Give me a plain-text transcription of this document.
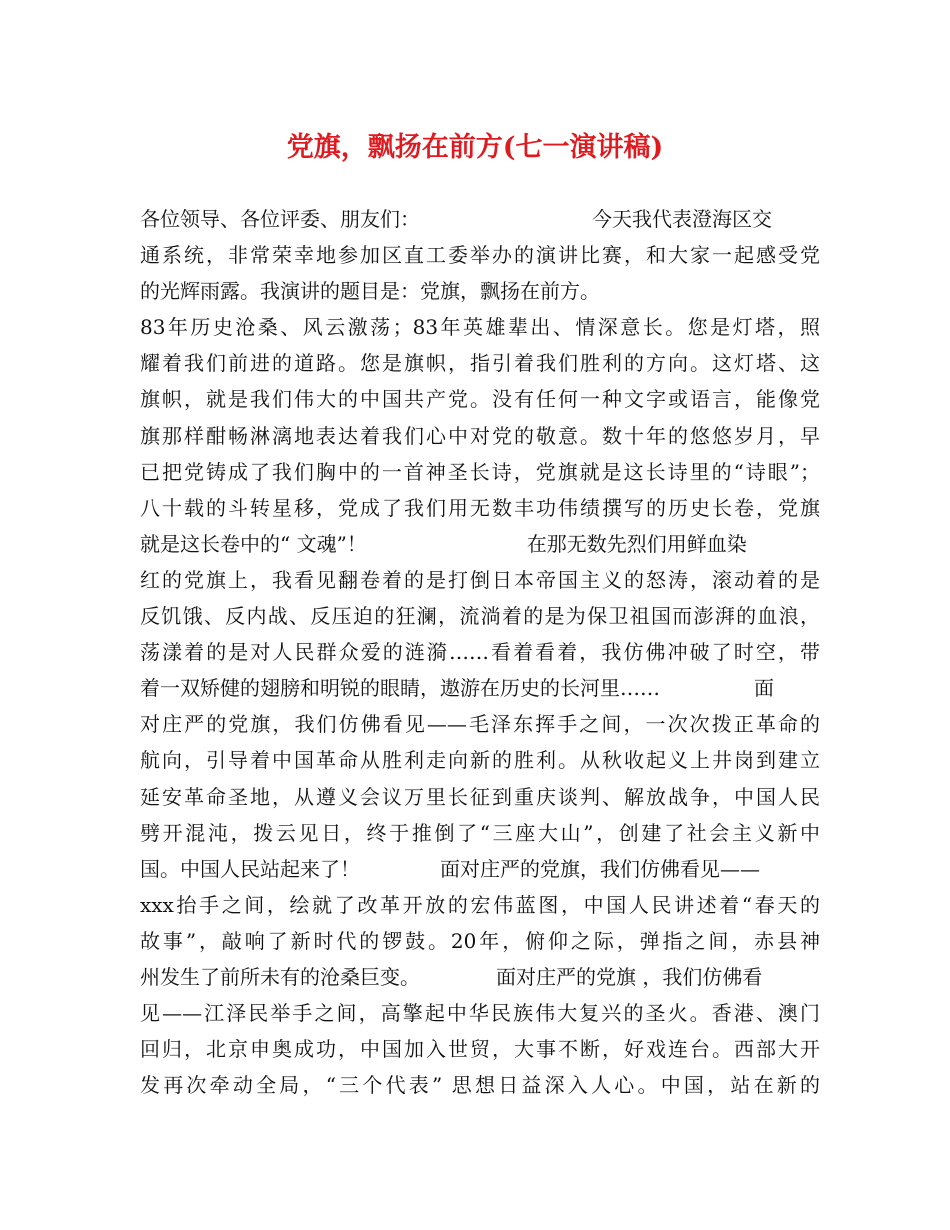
党旗，飘扬在前方(七一演讲稿)
各位领导、各位评委、朋友们：	今天我代表澄海区交
通系统，非常荣幸地参加区直工委举办的演讲比赛，和大家一起感受党
的光辉雨露。我演讲的题目是：党旗，飘扬在前方。
83年历史沧桑、风云激荡；83年英雄辈出、情深意长。您是灯塔，照
耀着我们前进的道路。您是旗帜，指引着我们胜利的方向。这灯塔、这
旗帜，就是我们伟大的中国共产党。没有任何一种文字或语言，能像党
旗那样酣畅淋漓地表达着我们心中对党的敬意。数十年的悠悠岁月，早
已把党铸成了我们胸中的一首神圣长诗，党旗就是这长诗里的“诗眼”；
八十载的斗转星移，党成了我们用无数丰功伟绩撰写的历史长卷，党旗
就是这长卷中的“ 文魂”！	在那无数先烈们用鲜血染
红的党旗上，我看见翻卷着的是打倒日本帝国主义的怒涛，滚动着的是
反饥饿、反内战、反压迫的狂澜，流淌着的是为保卫祖国而澎湃的血浪，
荡漾着的是对人民群众爱的涟漪……看着看着，我仿佛冲破了时空，带
着一双矫健的翅膀和明锐的眼睛，遨游在历史的长河里……	面
对庄严的党旗，我们仿佛看见——毛泽东挥手之间，一次次拨正革命的
航向，引导着中国革命从胜利走向新的胜利。从秋收起义上井岗到建立
延安革命圣地，从遵义会议万里长征到重庆谈判、解放战争，中国人民
劈开混沌，拨云见日，终于推倒了“三座大山”，创建了社会主义新中
国。中国人民站起来了！	面对庄严的党旗，我们仿佛看见——
xxx抬手之间，绘就了改革开放的宏伟蓝图，中国人民讲述着“春天的
故事”，敲响了新时代的锣鼓。20年，俯仰之际，弹指之间，赤县神
州发生了前所未有的沧桑巨变。	面对庄严的党旗 ，我们仿佛看
见——江泽民举手之间，高擎起中华民族伟大复兴的圣火。香港、澳门
回归，北京申奥成功，中国加入世贸，大事不断，好戏连台。西部大开
发再次牵动全局，“三个代表” 思想日益深入人心。中国，站在新的
